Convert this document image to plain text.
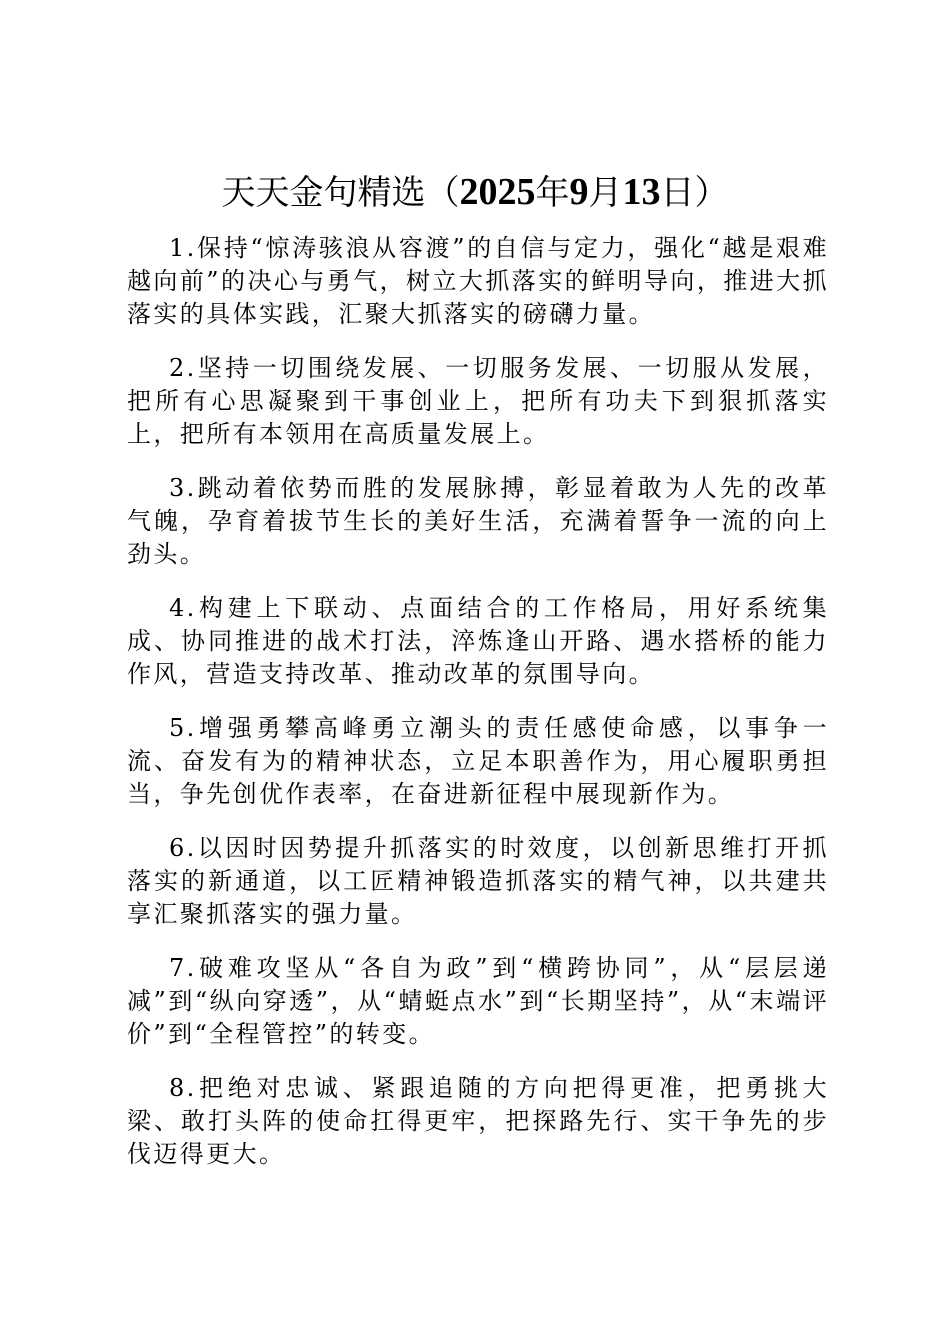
天天金句精选（2025年9月13日）

1.保持“惊涛骇浪从容渡”的自信与定力，强化“越是艰难越向前”的决心与勇气，树立大抓落实的鲜明导向，推进大抓落实的具体实践，汇聚大抓落实的磅礴力量。

2.坚持一切围绕发展、一切服务发展、一切服从发展，把所有心思凝聚到干事创业上，把所有功夫下到狠抓落实上，把所有本领用在高质量发展上。

3.跳动着依势而胜的发展脉搏，彰显着敢为人先的改革气魄，孕育着拔节生长的美好生活，充满着誓争一流的向上劲头。

4.构建上下联动、点面结合的工作格局，用好系统集成、协同推进的战术打法，淬炼逢山开路、遇水搭桥的能力作风，营造支持改革、推动改革的氛围导向。

5.增强勇攀高峰勇立潮头的责任感使命感，以事争一流、奋发有为的精神状态，立足本职善作为，用心履职勇担当，争先创优作表率，在奋进新征程中展现新作为。

6.以因时因势提升抓落实的时效度，以创新思维打开抓落实的新通道，以工匠精神锻造抓落实的精气神，以共建共享汇聚抓落实的强力量。

7.破难攻坚从“各自为政”到“横跨协同”，从“层层递减”到“纵向穿透”，从“蜻蜓点水”到“长期坚持”，从“末端评价”到“全程管控”的转变。

8.把绝对忠诚、紧跟追随的方向把得更准，把勇挑大梁、敢打头阵的使命扛得更牢，把探路先行、实干争先的步伐迈得更大。
